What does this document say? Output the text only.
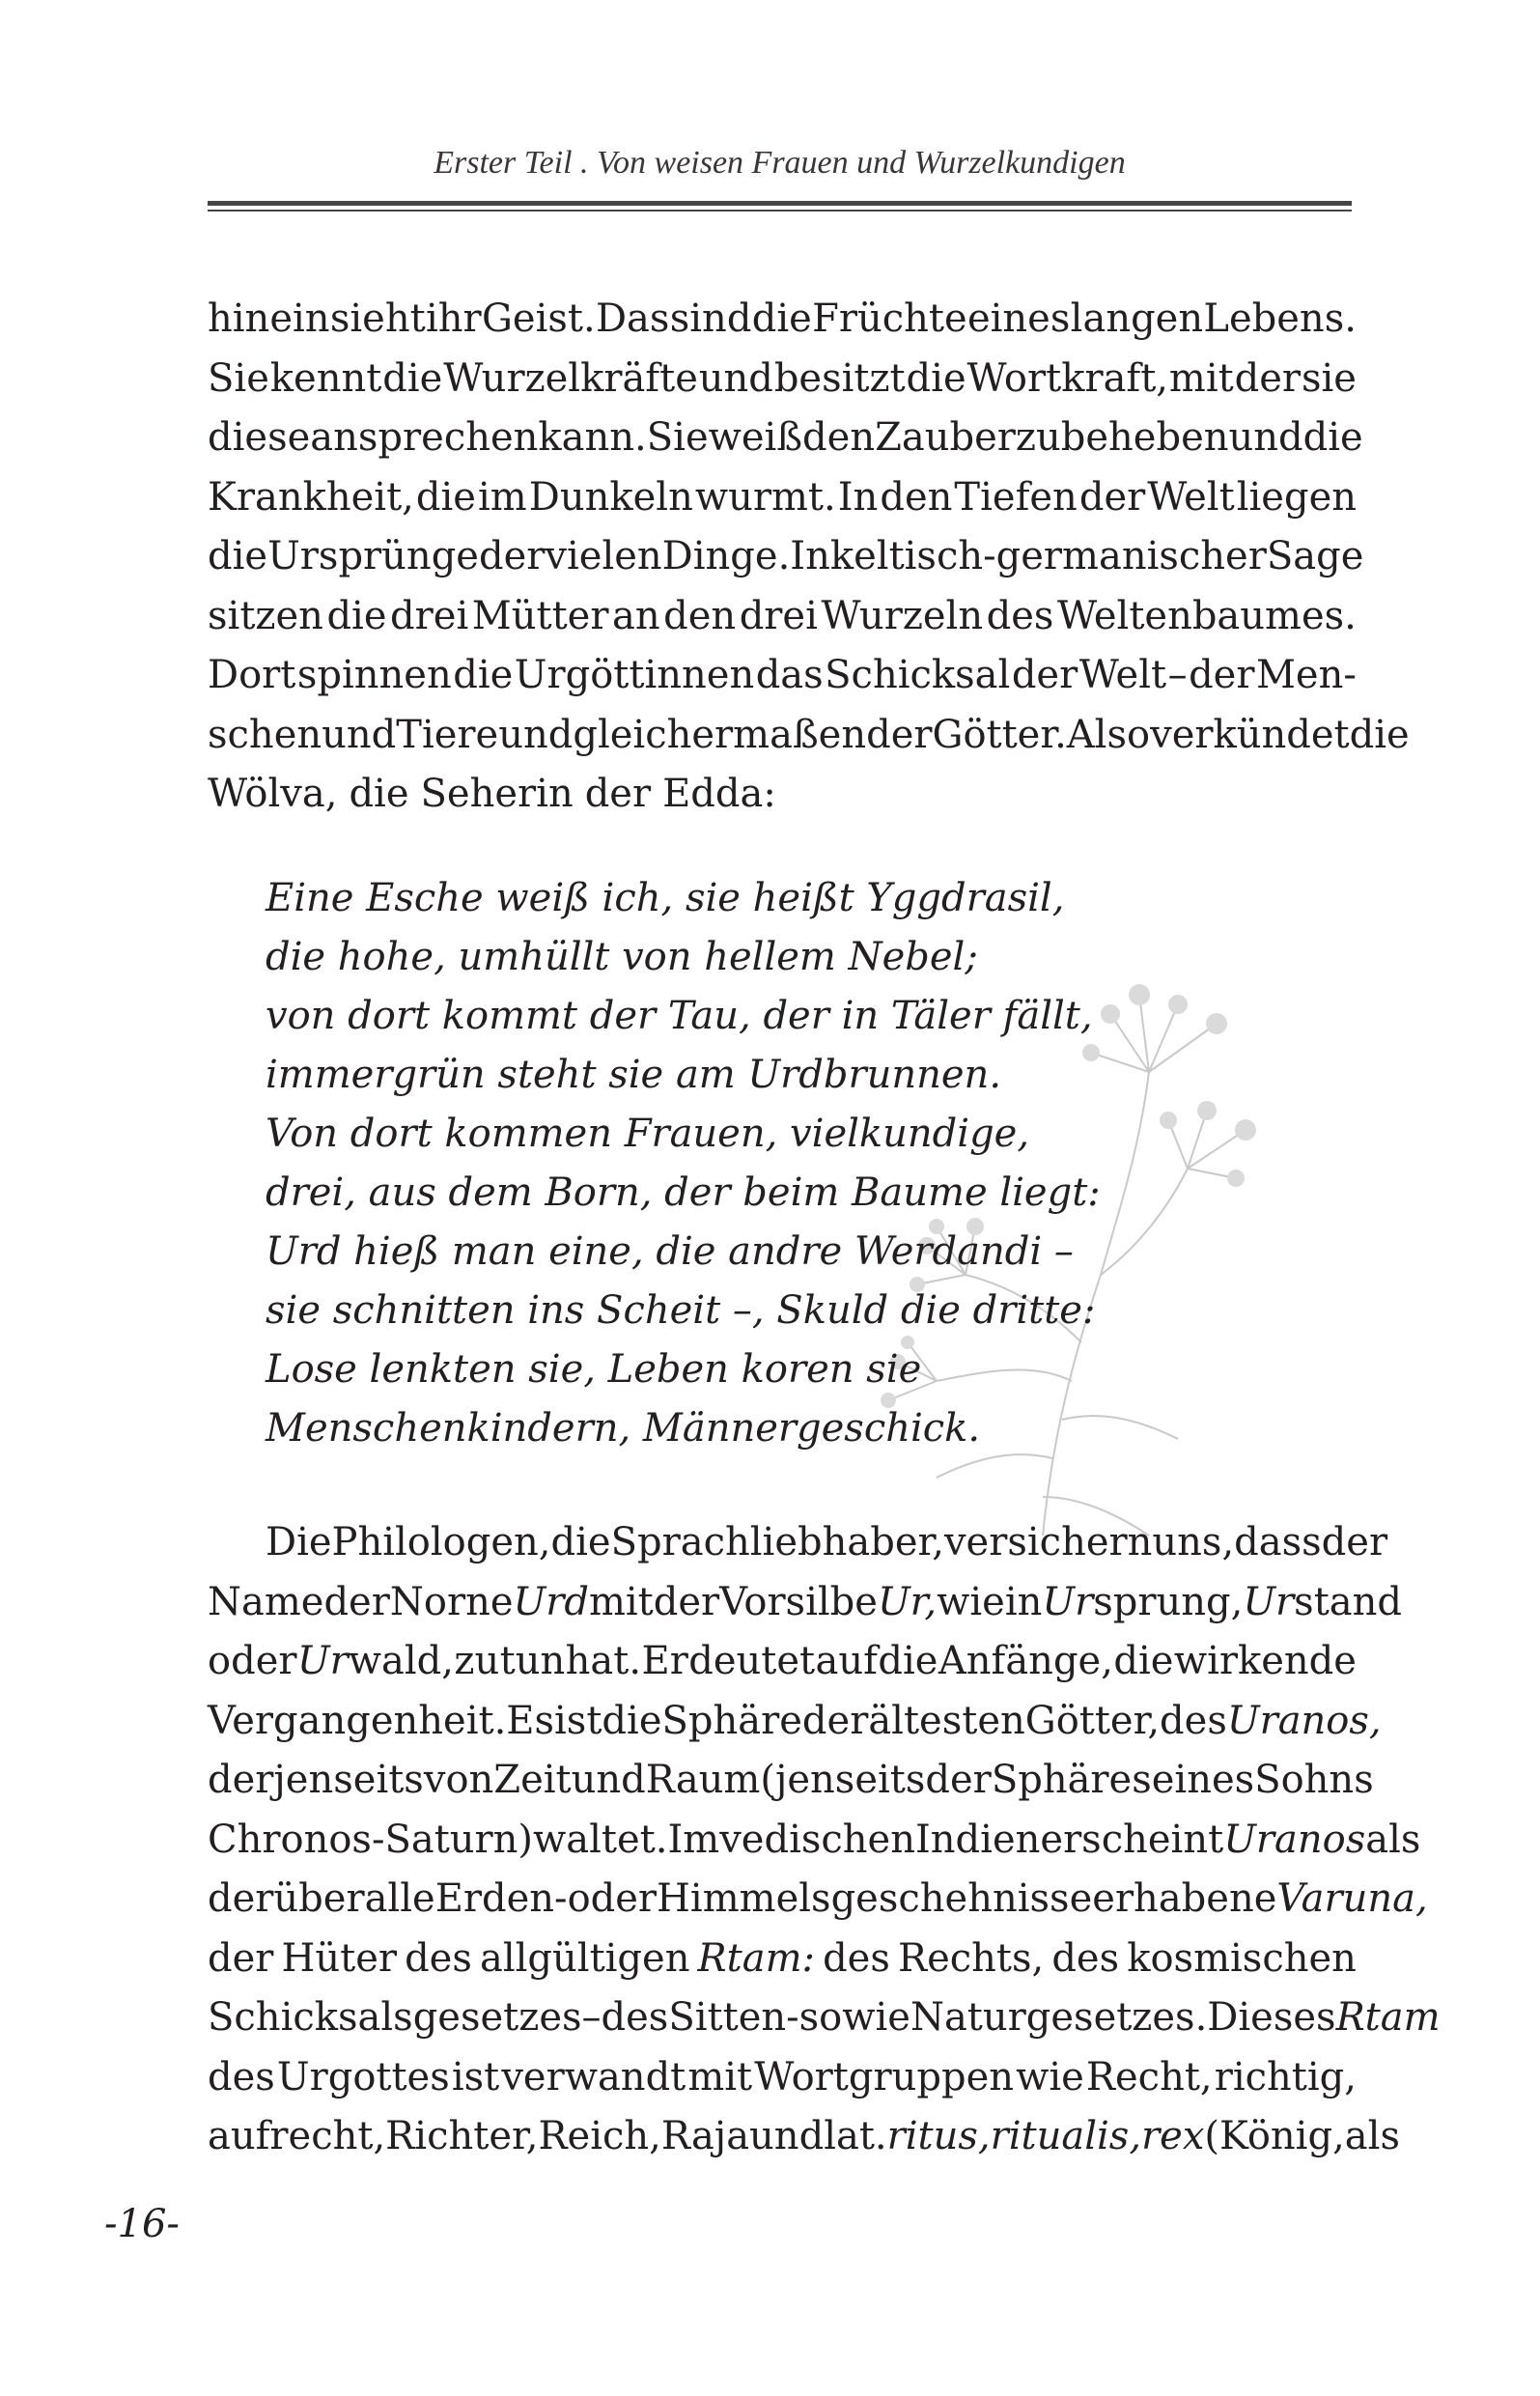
Erster Teil . Von weisen Frauen und Wurzelkundigen
hinein sieht ihr Geist. Das sind die Früchte eines langen Lebens.
Sie kennt die Wurzelkräfte und besitzt die Wortkraft, mit der sie
diese ansprechen kann. Sie weiß den Zauber zu beheben und die
Krankheit, die im Dunkeln wurmt. In den Tiefen der Welt liegen
die Ursprünge der vielen Dinge. In keltisch-germanischer Sage
sitzen die drei Mütter an den drei Wurzeln des Weltenbaumes.
Dort spinnen die Urgöttinnen das Schicksal der Welt – der Men-
schen und Tiere und gleichermaßen der Götter. Also verkündet die
Wölva, die Seherin der Edda:
Eine Esche weiß ich, sie heißt Yggdrasil,
die hohe, umhüllt von hellem Nebel;
von dort kommt der Tau, der in Täler fällt,
immergrün steht sie am Urdbrunnen.
Von dort kommen Frauen, vielkundige,
drei, aus dem Born, der beim Baume liegt:
Urd hieß man eine, die andre Werdandi –
sie schnitten ins Scheit –, Skuld die dritte:
Lose lenkten sie, Leben koren sie
Menschenkindern, Männergeschick.
Die Philologen, die Sprachliebhaber, versichern uns, dass der
Name der Norne Urd mit der Vorsilbe Ur, wie in Ursprung, Urstand
oder Urwald, zu tun hat. Er deutet auf die Anfänge, die wirkende
Vergangenheit. Es ist die Sphäre der ältesten Götter, des Uranos,
der jenseits von Zeit und Raum (jenseits der Sphäre seines Sohns
Chronos-Saturn) waltet. Im vedischen Indien erscheint Uranos als
der über alle Erden- oder Himmelsgeschehnisse erhabene Varuna,
der Hüter des allgültigen Rtam: des Rechts, des kosmischen
Schicksalsgesetzes – des Sitten- sowie Naturgesetzes. Dieses Rtam
des Urgottes ist verwandt mit Wortgruppen wie Recht, richtig,
aufrecht, Richter, Reich, Raja und lat. ritus, ritualis, rex (König, als
-16-
